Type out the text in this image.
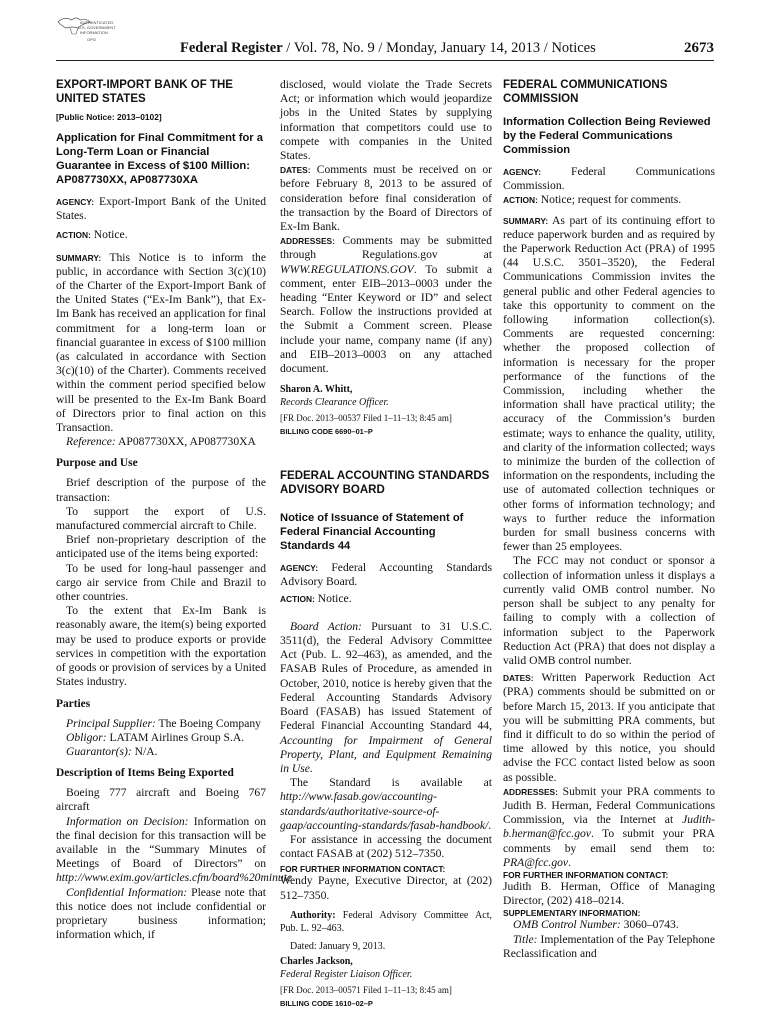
AUTHENTICATED
U.S. GOVERNMENT
INFORMATION
GPO
Federal Register / Vol. 78, No. 9 / Monday, January 14, 2013 / Notices	2673
EXPORT-IMPORT BANK OF THE UNITED STATES
[Public Notice: 2013–0102]
Application for Final Commitment for a Long-Term Loan or Financial Guarantee in Excess of $100 Million: AP087730XX, AP087730XA

AGENCY: Export-Import Bank of the United States.

ACTION: Notice.

SUMMARY: This Notice is to inform the public, in accordance with Section 3(c)(10) of the Charter of the Export-Import Bank of the United States (“Ex-Im Bank”), that Ex-Im Bank has received an application for final commitment for a long-term loan or financial guarantee in excess of $100 million (as calculated in accordance with Section 3(c)(10) of the Charter). Comments received within the comment period specified below will be presented to the Ex-Im Bank Board of Directors prior to final action on this Transaction.

Reference: AP087730XX, AP087730XA

Purpose and Use

Brief description of the purpose of the transaction:

To support the export of U.S. manufactured commercial aircraft to Chile.

Brief non-proprietary description of the anticipated use of the items being exported:

To be used for long-haul passenger and cargo air service from Chile and Brazil to other countries.

To the extent that Ex-Im Bank is reasonably aware, the item(s) being exported may be used to produce exports or provide services in competition with the exportation of goods or provision of services by a United States industry.

Parties

Principal Supplier: The Boeing Company

Obligor: LATAM Airlines Group S.A.

Guarantor(s): N/A.

Description of Items Being Exported

Boeing 777 aircraft and Boeing 767 aircraft

Information on Decision: Information on the final decision for this transaction will be available in the “Summary Minutes of Meetings of Board of Directors” on http://www.exim.gov/articles.cfm/board%20minute

Confidential Information: Please note that this notice does not include confidential or proprietary business information; information which, if

disclosed, would violate the Trade Secrets Act; or information which would jeopardize jobs in the United States by supplying information that competitors could use to compete with companies in the United States.

DATES: Comments must be received on or before February 8, 2013 to be assured of consideration before final consideration of the transaction by the Board of Directors of Ex-Im Bank.

ADDRESSES: Comments may be submitted through Regulations.gov at WWW.REGULATIONS.GOV. To submit a comment, enter EIB–2013–0003 under the heading “Enter Keyword or ID” and select Search. Follow the instructions provided at the Submit a Comment screen. Please include your name, company name (if any) and EIB–2013–0003 on any attached document.

Sharon A. Whitt,
Records Clearance Officer.
[FR Doc. 2013–00537 Filed 1–11–13; 8:45 am]
BILLING CODE 6690–01–P
FEDERAL ACCOUNTING STANDARDS ADVISORY BOARD
Notice of Issuance of Statement of Federal Financial Accounting Standards 44

AGENCY: Federal Accounting Standards Advisory Board.

ACTION: Notice.

Board Action: Pursuant to 31 U.S.C. 3511(d), the Federal Advisory Committee Act (Pub. L. 92–463), as amended, and the FASAB Rules of Procedure, as amended in October, 2010, notice is hereby given that the Federal Accounting Standards Advisory Board (FASAB) has issued Statement of Federal Financial Accounting Standard 44, Accounting for Impairment of General Property, Plant, and Equipment Remaining in Use.

The Standard is available at http://www.fasab.gov/accounting-standards/authoritative-source-of-gaap/accounting-standards/fasab-handbook/.

For assistance in accessing the document contact FASAB at (202) 512–7350.

FOR FURTHER INFORMATION CONTACT:

Wendy Payne, Executive Director, at (202) 512–7350.

Authority: Federal Advisory Committee Act, Pub. L. 92–463.

Dated: January 9, 2013.

Charles Jackson,
Federal Register Liaison Officer.
[FR Doc. 2013–00571 Filed 1–11–13; 8:45 am]
BILLING CODE 1610–02–P
FEDERAL COMMUNICATIONS COMMISSION
Information Collection Being Reviewed by the Federal Communications Commission

AGENCY: Federal Communications Commission.

ACTION: Notice; request for comments.

SUMMARY: As part of its continuing effort to reduce paperwork burden and as required by the Paperwork Reduction Act (PRA) of 1995 (44 U.S.C. 3501–3520), the Federal Communications Commission invites the general public and other Federal agencies to take this opportunity to comment on the following information collection(s). Comments are requested concerning: whether the proposed collection of information is necessary for the proper performance of the functions of the Commission, including whether the information shall have practical utility; the accuracy of the Commission’s burden estimate; ways to enhance the quality, utility, and clarity of the information collected; ways to minimize the burden of the collection of information on the respondents, including the use of automated collection techniques or other forms of information technology; and ways to further reduce the information burden for small business concerns with fewer than 25 employees.

The FCC may not conduct or sponsor a collection of information unless it displays a currently valid OMB control number. No person shall be subject to any penalty for failing to comply with a collection of information subject to the Paperwork Reduction Act (PRA) that does not display a valid OMB control number.

DATES: Written Paperwork Reduction Act (PRA) comments should be submitted on or before March 15, 2013. If you anticipate that you will be submitting PRA comments, but find it difficult to do so within the period of time allowed by this notice, you should advise the FCC contact listed below as soon as possible.

ADDRESSES: Submit your PRA comments to Judith B. Herman, Federal Communications Commission, via the Internet at Judith-b.herman@fcc.gov. To submit your PRA comments by email send them to: PRA@fcc.gov.

FOR FURTHER INFORMATION CONTACT:

Judith B. Herman, Office of Managing Director, (202) 418–0214.

SUPPLEMENTARY INFORMATION:

OMB Control Number: 3060–0743.

Title: Implementation of the Pay Telephone Reclassification and
